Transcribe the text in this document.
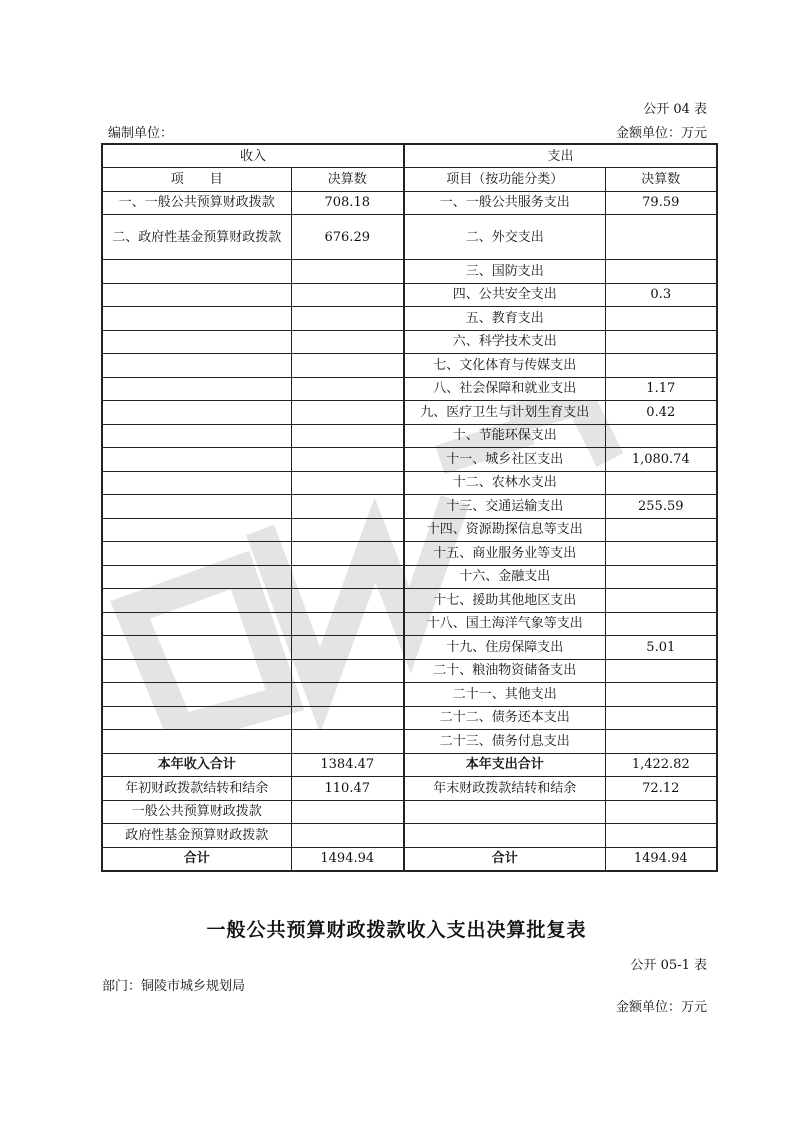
公开 04 表
编制单位：	金额单位：万元
收入		支出	
项　　目	决算数	项目（按功能分类）	决算数
一、一般公共预算财政拨款	708.18	一、一般公共服务支出	79.59
二、政府性基金预算财政拨款	676.29	二、外交支出	
		三、国防支出	
		四、公共安全支出	0.3
		五、教育支出	
		六、科学技术支出	
		七、文化体育与传媒支出	
		八、社会保障和就业支出	1.17
		九、医疗卫生与计划生育支出	0.42
		十、节能环保支出	
		十一、城乡社区支出	1,080.74
		十二、农林水支出	
		十三、交通运输支出	255.59
		十四、资源勘探信息等支出	
		十五、商业服务业等支出	
		十六、金融支出	
		十七、援助其他地区支出	
		十八、国土海洋气象等支出	
		十九、住房保障支出	5.01
		二十、粮油物资储备支出	
		二十一、其他支出	
		二十二、债务还本支出	
		二十三、债务付息支出	
本年收入合计	1384.47	本年支出合计	1,422.82
年初财政拨款结转和结余	110.47	年末财政拨款结转和结余	72.12
一般公共预算财政拨款			
政府性基金预算财政拨款			
合计	1494.94	合计	1494.94
一般公共预算财政拨款收入支出决算批复表
公开 05-1 表
部门：铜陵市城乡规划局
金额单位：万元
